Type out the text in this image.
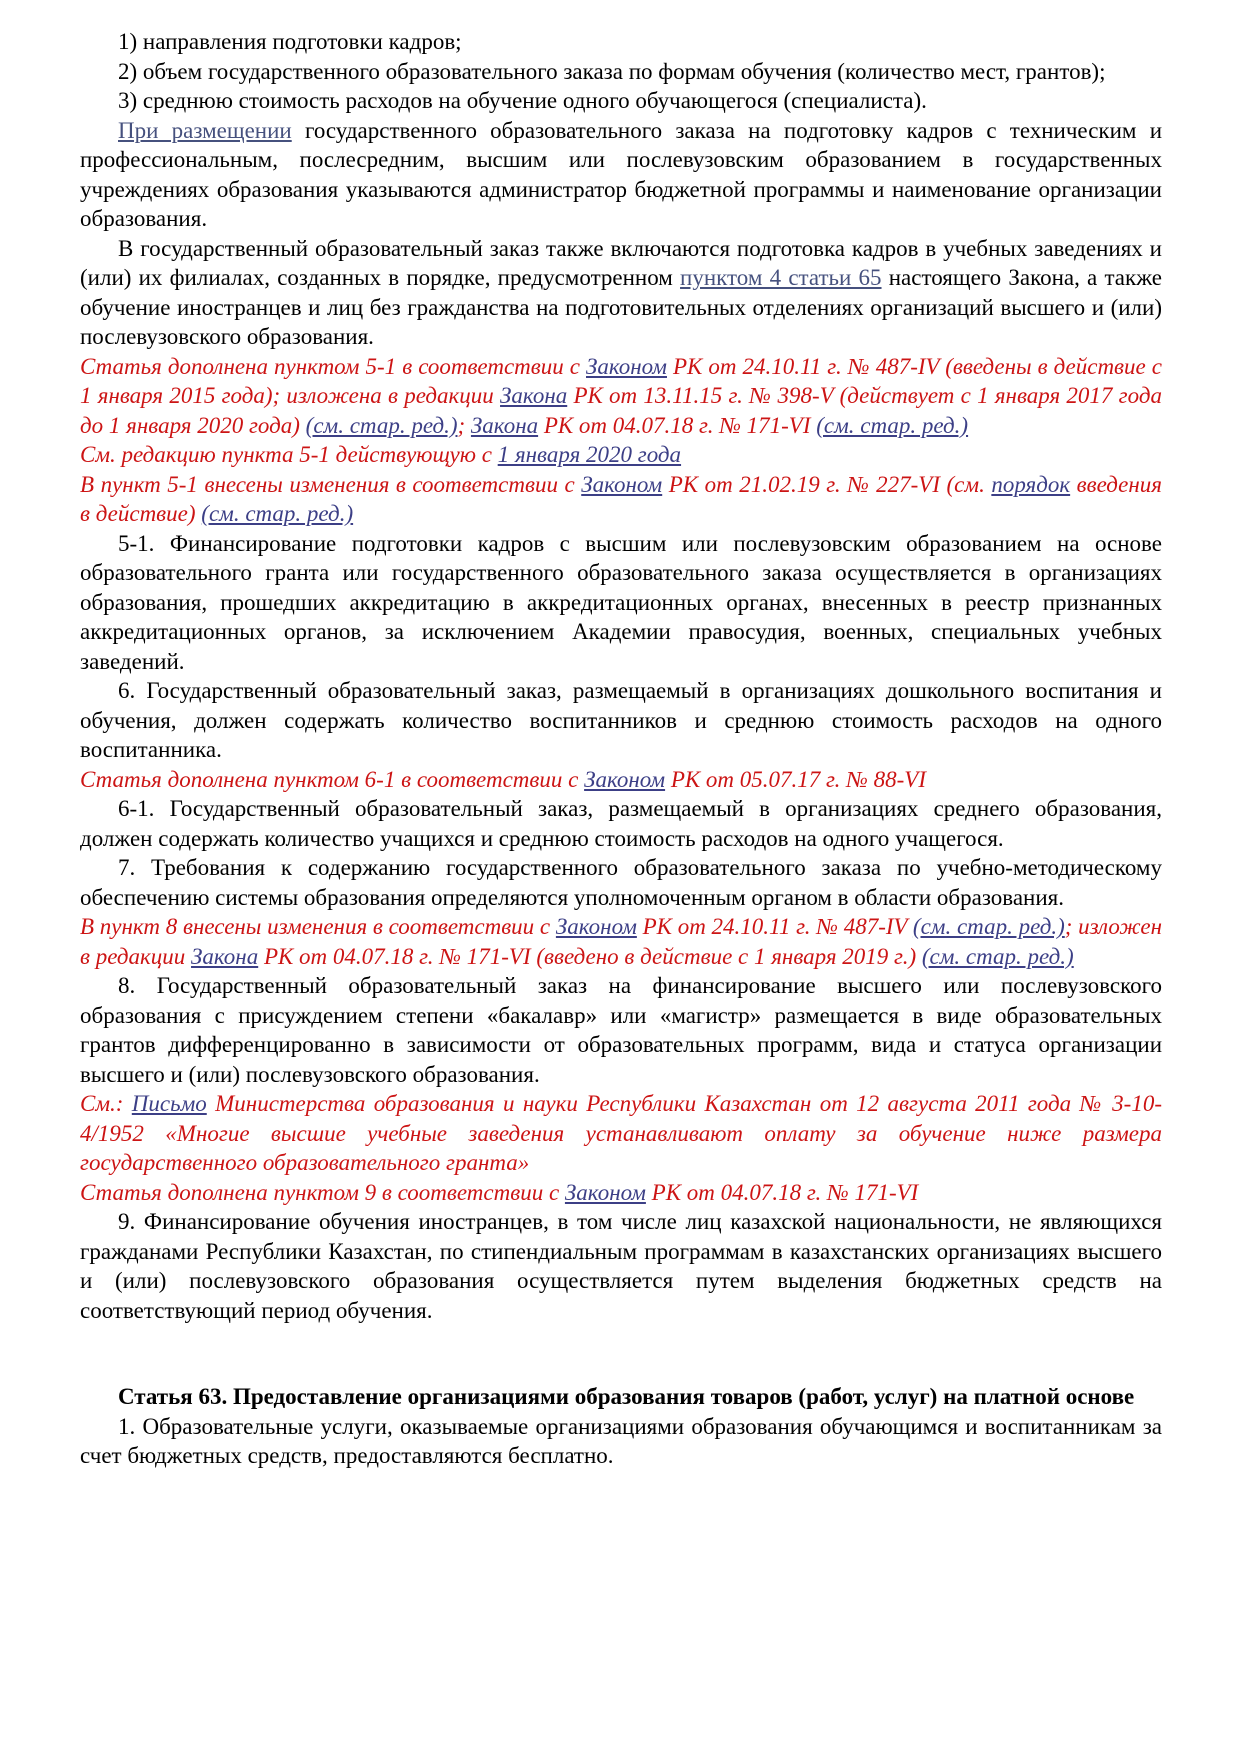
1) направления подготовки кадров;

2) объем государственного образовательного заказа по формам обучения (количество мест, грантов);

3) среднюю стоимость расходов на обучение одного обучающегося (специалиста).

При размещении государственного образовательного заказа на подготовку кадров с техническим и профессиональным, послесредним, высшим или послевузовским образованием в государственных учреждениях образования указываются администратор бюджетной программы и наименование организации образования.

В государственный образовательный заказ также включаются подготовка кадров в учебных заведениях и (или) их филиалах, созданных в порядке, предусмотренном пунктом 4 статьи 65 настоящего Закона, а также обучение иностранцев и лиц без гражданства на подготовительных отделениях организаций высшего и (или) послевузовского образования.

Статья дополнена пунктом 5-1 в соответствии с Законом РК от 24.10.11 г. № 487-IV (введены в действие с 1 января 2015 года); изложена в редакции Закона РК от 13.11.15 г. № 398-V (действует с 1 января 2017 года до 1 января 2020 года) (см. стар. ред.); Закона РК от 04.07.18 г. № 171-VI (см. стар. ред.)

См. редакцию пункта 5-1 действующую с 1 января 2020 года

В пункт 5-1 внесены изменения в соответствии с Законом РК от 21.02.19 г. № 227-VI (см. порядок введения в действие) (см. стар. ред.)

5-1. Финансирование подготовки кадров с высшим или послевузовским образованием на основе образовательного гранта или государственного образовательного заказа осуществляется в организациях образования, прошедших аккредитацию в аккредитационных органах, внесенных в реестр признанных аккредитационных органов, за исключением Академии правосудия, военных, специальных учебных заведений.

6. Государственный образовательный заказ, размещаемый в организациях дошкольного воспитания и обучения, должен содержать количество воспитанников и среднюю стоимость расходов на одного воспитанника.

Статья дополнена пунктом 6-1 в соответствии с Законом РК от 05.07.17 г. № 88-VI

6-1. Государственный образовательный заказ, размещаемый в организациях среднего образования, должен содержать количество учащихся и среднюю стоимость расходов на одного учащегося.

7. Требования к содержанию государственного образовательного заказа по учебно-методическому обеспечению системы образования определяются уполномоченным органом в области образования.

В пункт 8 внесены изменения в соответствии с Законом РК от 24.10.11 г. № 487-IV (см. стар. ред.); изложен в редакции Закона РК от 04.07.18 г. № 171-VI (введено в действие с 1 января 2019 г.) (см. стар. ред.)

8. Государственный образовательный заказ на финансирование высшего или послевузовского образования с присуждением степени «бакалавр» или «магистр» размещается в виде образовательных грантов дифференцированно в зависимости от образовательных программ, вида и статуса организации высшего и (или) послевузовского образования.

См.: Письмо Министерства образования и науки Республики Казахстан от 12 августа 2011 года № 3-10-4/1952 «Многие высшие учебные заведения устанавливают оплату за обучение ниже размера государственного образовательного гранта»

Статья дополнена пунктом 9 в соответствии с Законом РК от 04.07.18 г. № 171-VI

9. Финансирование обучения иностранцев, в том числе лиц казахской национальности, не являющихся гражданами Республики Казахстан, по стипендиальным программам в казахстанских организациях высшего и (или) послевузовского образования осуществляется путем выделения бюджетных средств на соответствующий период обучения.

Статья 63. Предоставление организациями образования товаров (работ, услуг) на платной основе

1. Образовательные услуги, оказываемые организациями образования обучающимся и воспитанникам за счет бюджетных средств, предоставляются бесплатно.
